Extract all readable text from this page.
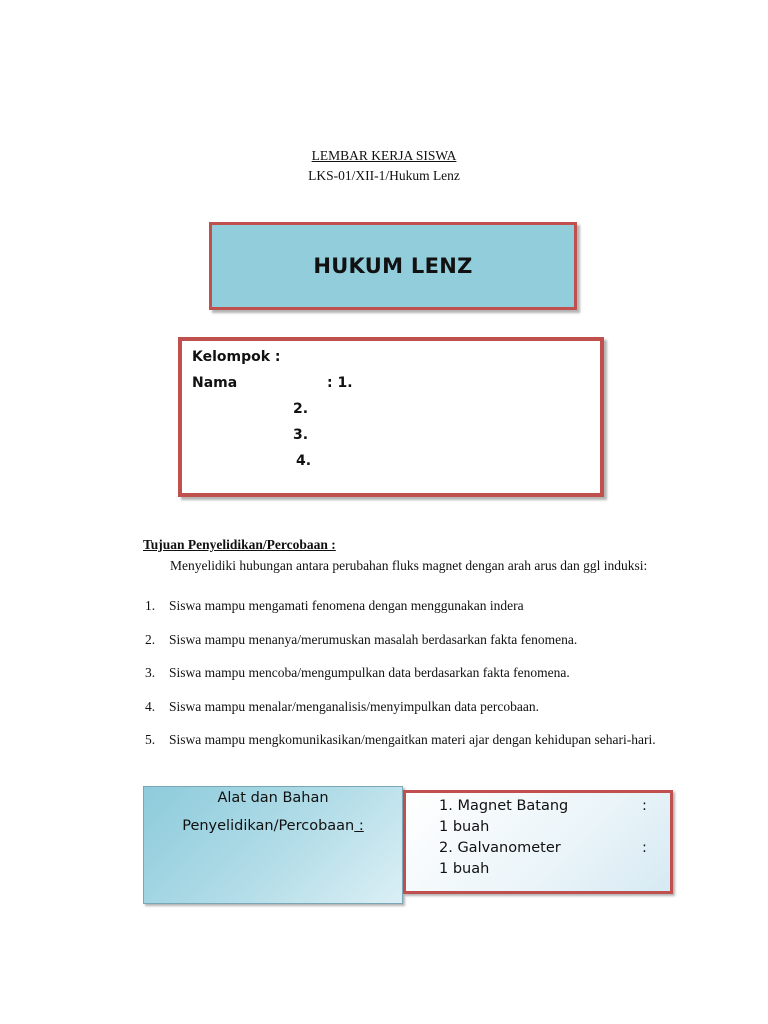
LEMBAR KERJA SISWA
LKS-01/XII-1/Hukum Lenz
HUKUM LENZ
Kelompok :
Nama	: 1.
2.
3.
4.
Tujuan Penyelidikan/Percobaan :
Menyelidiki hubungan antara perubahan fluks magnet dengan arah arus dan ggl induksi:
1. Siswa mampu mengamati fenomena dengan menggunakan indera
2. Siswa mampu menanya/merumuskan masalah berdasarkan fakta fenomena.
3. Siswa mampu mencoba/mengumpulkan data berdasarkan fakta fenomena.
4. Siswa mampu menalar/menganalisis/menyimpulkan data percobaan.
5. Siswa mampu mengkomunikasikan/mengaitkan materi ajar dengan kehidupan sehari-hari.
Alat dan Bahan
Penyelidikan/Percobaan :
1. Magnet Batang	:
1 buah
2. Galvanometer	:
1 buah
